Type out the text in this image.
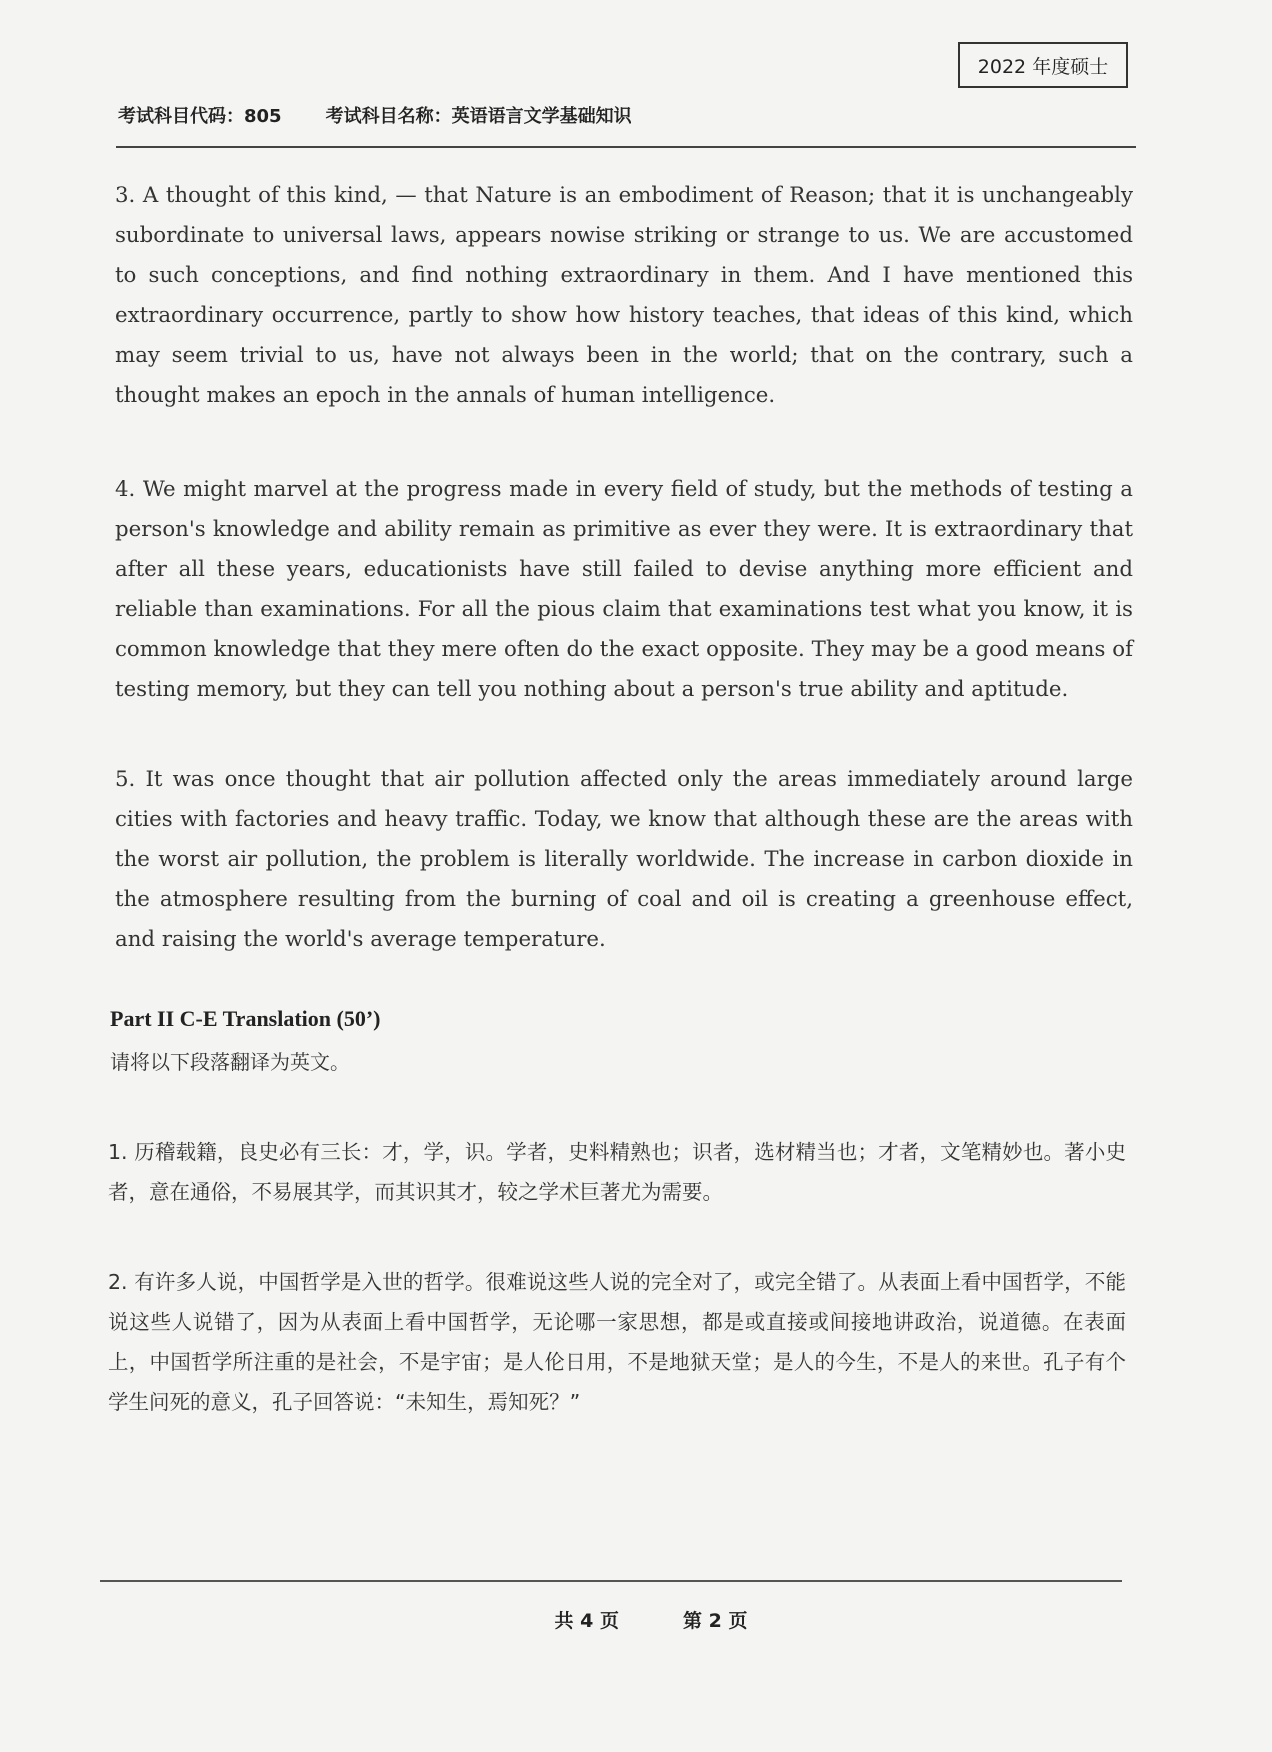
2022 年度硕士
考试科目代码：805 考试科目名称：英语语言文学基础知识
3. A thought of this kind, — that Nature is an embodiment of Reason; that it is unchangeably subordinate to universal laws, appears nowise striking or strange to us. We are accustomed to such conceptions, and find nothing extraordinary in them. And I have mentioned this extraordinary occurrence, partly to show how history teaches, that ideas of this kind, which may seem trivial to us, have not always been in the world; that on the contrary, such a thought makes an epoch in the annals of human intelligence.
4. We might marvel at the progress made in every field of study, but the methods of testing a person's knowledge and ability remain as primitive as ever they were. It is extraordinary that after all these years, educationists have still failed to devise anything more efficient and reliable than examinations. For all the pious claim that examinations test what you know, it is common knowledge that they mere often do the exact opposite. They may be a good means of testing memory, but they can tell you nothing about a person's true ability and aptitude.
5. It was once thought that air pollution affected only the areas immediately around large cities with factories and heavy traffic. Today, we know that although these are the areas with the worst air pollution, the problem is literally worldwide. The increase in carbon dioxide in the atmosphere resulting from the burning of coal and oil is creating a greenhouse effect, and raising the world's average temperature.
Part II C-E Translation (50’)
请将以下段落翻译为英文。
1. 历稽载籍，良史必有三长：才，学，识。学者，史料精熟也；识者，选材精当也；才者，文笔精妙也。著小史者，意在通俗，不易展其学，而其识其才，较之学术巨著尤为需要。
2. 有许多人说，中国哲学是入世的哲学。很难说这些人说的完全对了，或完全错了。从表面上看中国哲学，不能说这些人说错了，因为从表面上看中国哲学，无论哪一家思想，都是或直接或间接地讲政治，说道德。在表面上，中国哲学所注重的是社会，不是宇宙；是人伦日用，不是地狱天堂；是人的今生，不是人的来世。孔子有个学生问死的意义，孔子回答说：“未知生，焉知死？”
共 4 页	第 2 页
